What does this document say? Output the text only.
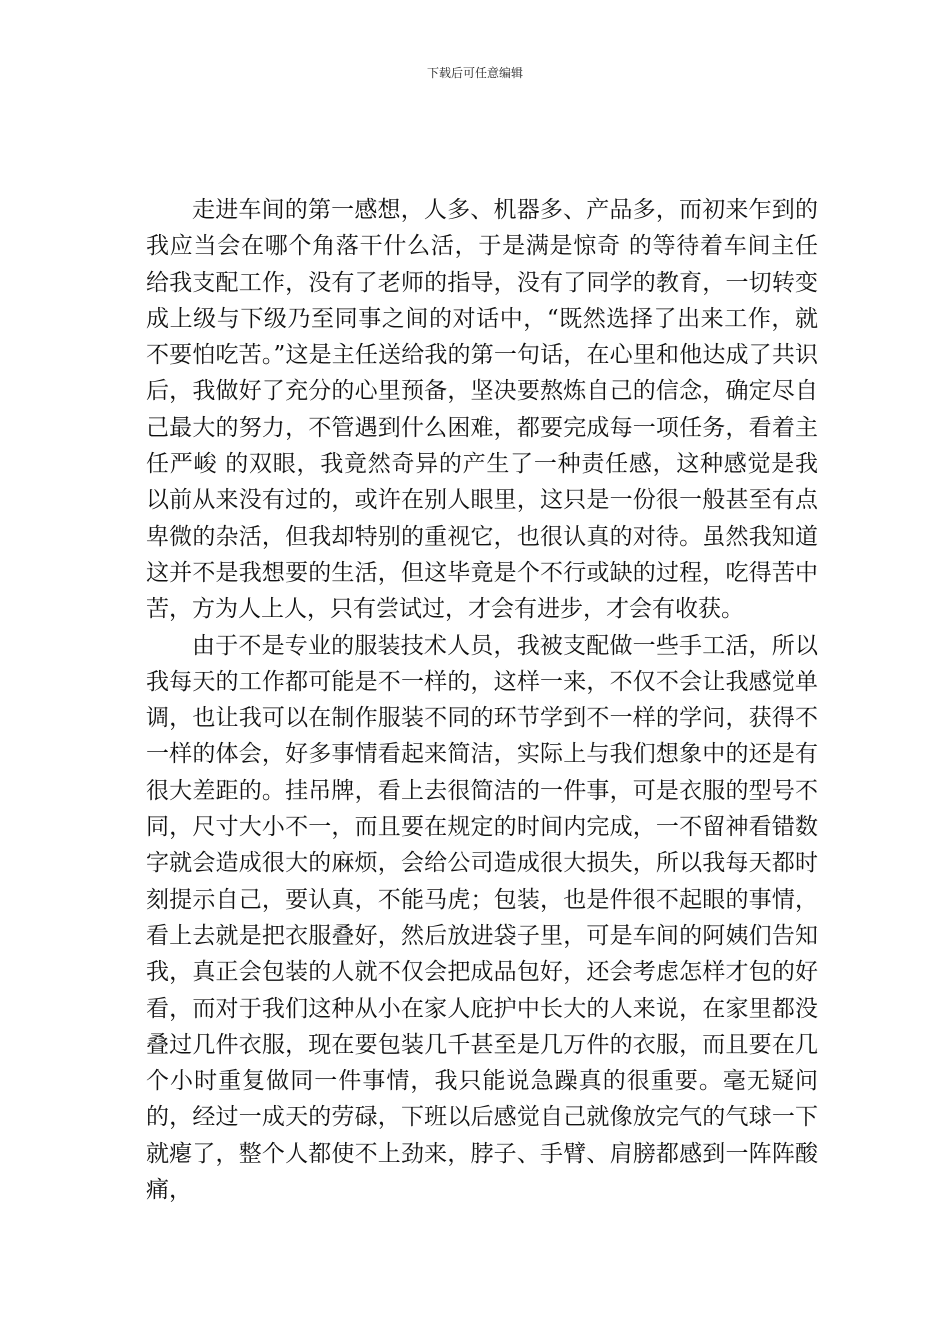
下载后可任意编辑

走进车间的第一感想，人多、机器多、产品多，而初来乍到的我应当会在哪个角落干什么活，于是满是惊奇 的等待着车间主任给我支配工作，没有了老师的指导，没有了同学的教育，一切转变成上级与下级乃至同事之间的对话中，“既然选择了出来工作，就不要怕吃苦。”这是主任送给我的第一句话，在心里和他达成了共识后，我做好了充分的心里预备，坚决要熬炼自己的信念，确定尽自己最大的努力，不管遇到什么困难，都要完成每一项任务，看着主任严峻 的双眼，我竟然奇异的产生了一种责任感，这种感觉是我以前从来没有过的，或许在别人眼里，这只是一份很一般甚至有点卑微的杂活，但我却特别的重视它，也很认真的对待。虽然我知道这并不是我想要的生活，但这毕竟是个不行或缺的过程，吃得苦中苦，方为人上人，只有尝试过，才会有进步，才会有收获。

由于不是专业的服装技术人员，我被支配做一些手工活，所以我每天的工作都可能是不一样的，这样一来，不仅不会让我感觉单调，也让我可以在制作服装不同的环节学到不一样的学问，获得不一样的体会，好多事情看起来简洁，实际上与我们想象中的还是有很大差距的。挂吊牌，看上去很简洁的一件事，可是衣服的型号不同，尺寸大小不一，而且要在规定的时间内完成，一不留神看错数字就会造成很大的麻烦，会给公司造成很大损失，所以我每天都时刻提示自己，要认真，不能马虎；包装，也是件很不起眼的事情，看上去就是把衣服叠好，然后放进袋子里，可是车间的阿姨们告知我，真正会包装的人就不仅会把成品包好，还会考虑怎样才包的好看，而对于我们这种从小在家人庇护中长大的人来说，在家里都没叠过几件衣服，现在要包装几千甚至是几万件的衣服，而且要在几个小时重复做同一件事情，我只能说急躁真的很重要。毫无疑问的，经过一成天的劳碌，下班以后感觉自己就像放完气的气球一下就瘪了，整个人都使不上劲来，脖子、手臂、肩膀都感到一阵阵酸痛，
